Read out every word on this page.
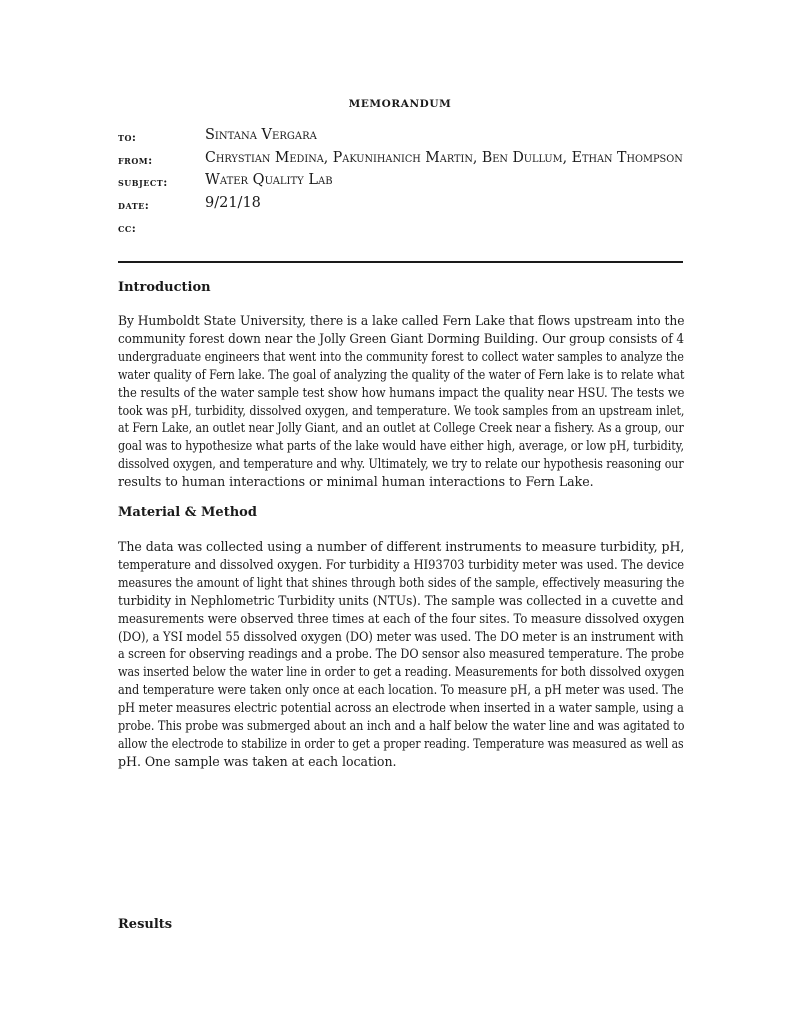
MEMORANDUM
to:	Sintana Vergara
from:	Chrystian Medina, Pakunihanich Martin, Ben Dullum, Ethan Thompson
subject:	Water Quality Lab
date:	9/21/18
cc:
Introduction
By Humboldt State University, there is a lake called Fern Lake that flows upstream into the
community forest down near the Jolly Green Giant Dorming Building. Our group consists of 4
undergraduate engineers that went into the community forest to collect water samples to analyze the
water quality of Fern lake. The goal of analyzing the quality of the water of Fern lake is to relate what
the results of the water sample test show how humans impact the quality near HSU. The tests we
took was pH, turbidity, dissolved oxygen, and temperature. We took samples from an upstream inlet,
at Fern Lake, an outlet near Jolly Giant, and an outlet at College Creek near a fishery. As a group, our
goal was to hypothesize what parts of the lake would have either high, average, or low pH, turbidity,
dissolved oxygen, and temperature and why. Ultimately, we try to relate our hypothesis reasoning our
results to human interactions or minimal human interactions to Fern Lake.
Material & Method
The data was collected using a number of different instruments to measure turbidity, pH,
temperature and dissolved oxygen. For turbidity a HI93703 turbidity meter was used. The device
measures the amount of light that shines through both sides of the sample, effectively measuring the
turbidity in Nephlometric Turbidity units (NTUs). The sample was collected in a cuvette and
measurements were observed three times at each of the four sites. To measure dissolved oxygen
(DO), a YSI model 55 dissolved oxygen (DO) meter was used. The DO meter is an instrument with
a screen for observing readings and a probe. The DO sensor also measured temperature. The probe
was inserted below the water line in order to get a reading. Measurements for both dissolved oxygen
and temperature were taken only once at each location. To measure pH, a pH meter was used. The
pH meter measures electric potential across an electrode when inserted in a water sample, using a
probe. This probe was submerged about an inch and a half below the water line and was agitated to
allow the electrode to stabilize in order to get a proper reading. Temperature was measured as well as
pH. One sample was taken at each location.
Results
